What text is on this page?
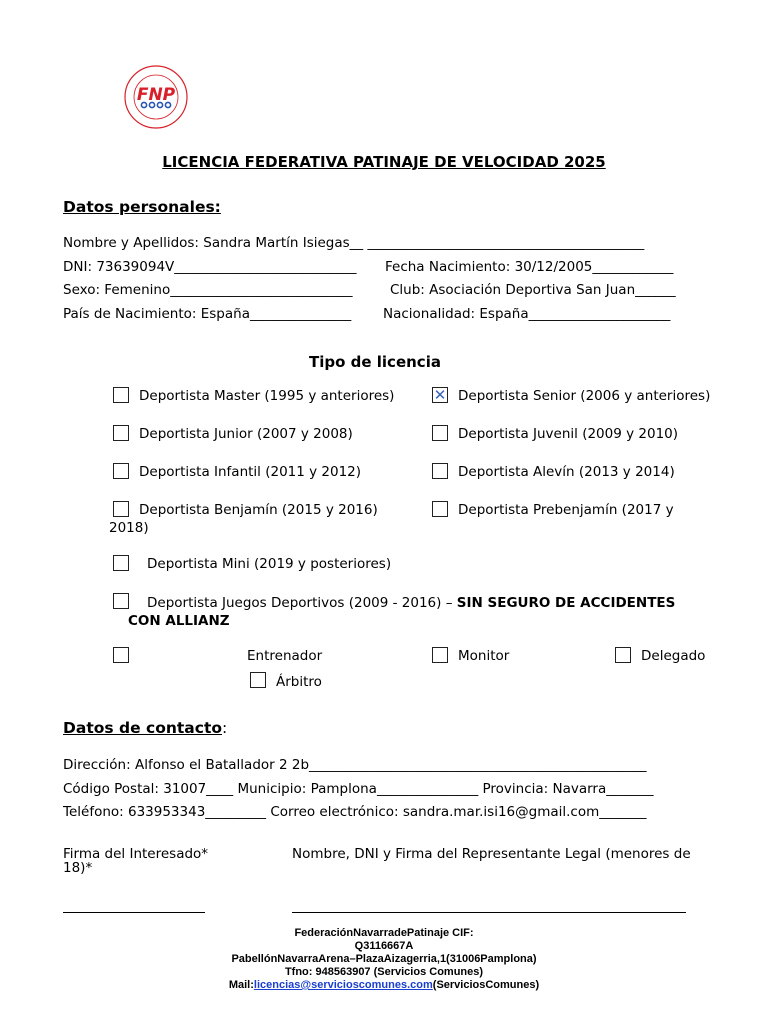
FNP
LICENCIA FEDERATIVA PATINAJE DE VELOCIDAD 2025
Datos personales:
Nombre y Apellidos: Sandra Martín Isiegas__ _________________________________________
DNI: 73639094V___________________________ Fecha Nacimiento: 30/12/2005____________
Sexo: Femenino___________________________	Club: Asociación Deportiva San Juan______
País de Nacimiento: España_______________ Nacionalidad: España_____________________
Tipo de licencia
Deportista Master (1995 y anteriores)
✕	Deportista Senior (2006 y anteriores)
Deportista Junior (2007 y 2008)	Deportista Juvenil (2009 y 2010)
Deportista Infantil (2011 y 2012)	Deportista Alevín (2013 y 2014)
Deportista Benjamín (2015 y 2016)
2018)
Deportista Prebenjamín (2017 y
Deportista Mini (2019 y posteriores)
Deportista Juegos Deportivos (2009 - 2016) – SIN SEGURO DE ACCIDENTES
CON ALLIANZ
Entrenador	Monitor	Delegado
Árbitro
Datos de contacto:
Dirección: Alfonso el Batallador 2 2b__________________________________________________
Código Postal: 31007____ Municipio: Pamplona_______________ Provincia: Navarra_______
Teléfono: 633953343_________ Correo electrónico: sandra.mar.isi16@gmail.com_______
Firma del Interesado*	Nombre, DNI y Firma del Representante Legal (menores de
18)*
FederaciónNavarradePatinaje CIF:
Q3116667A
PabellónNavarraArena–PlazaAizagerria,1(31006Pamplona)
Tfno: 948563907 (Servicios Comunes)
Mail:licencias@servicioscomunes.com(ServiciosComunes)
